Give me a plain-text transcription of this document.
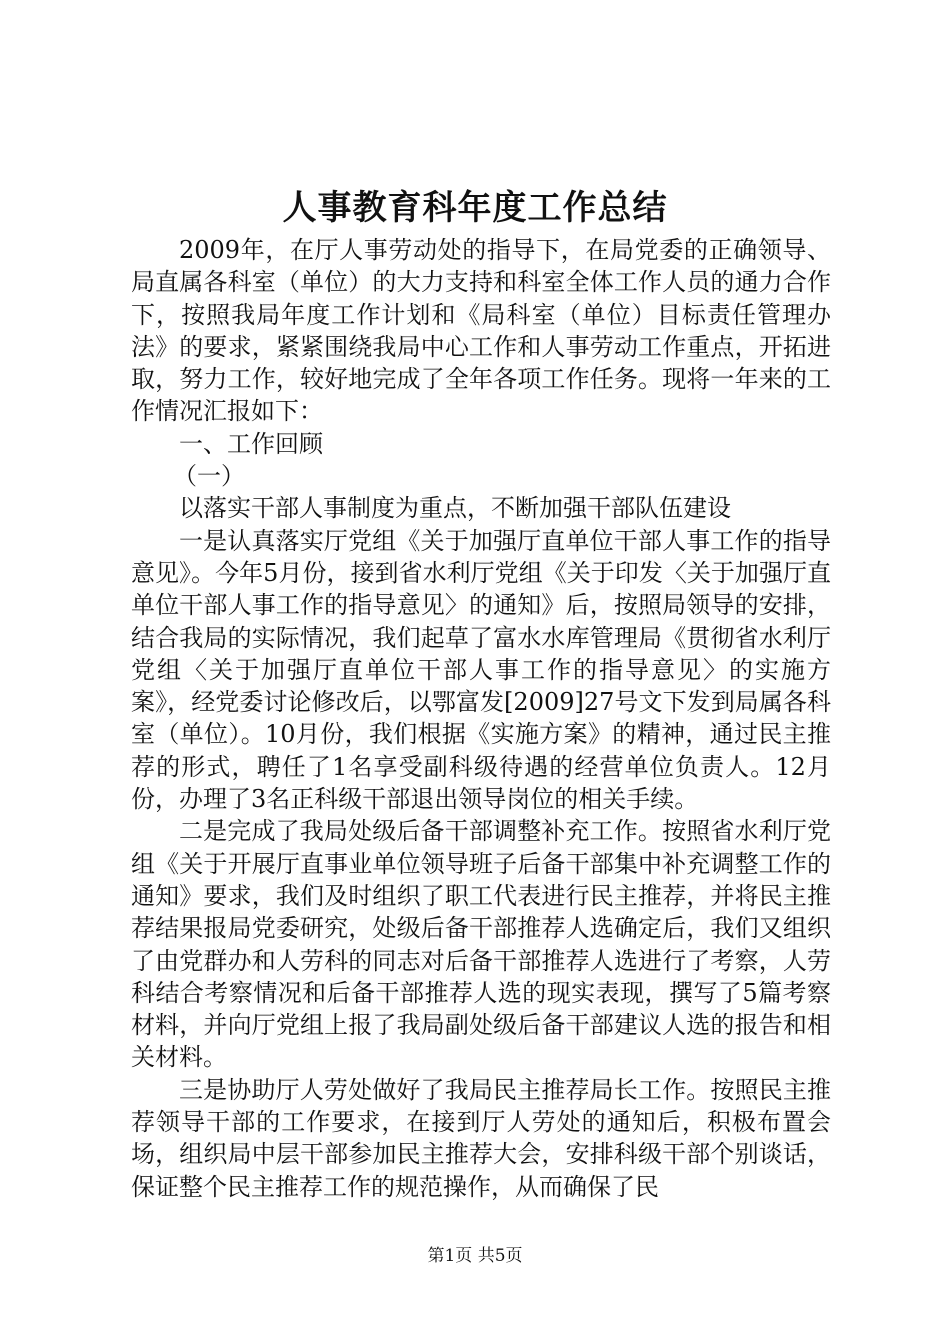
人事教育科年度工作总结

2009年，在厅人事劳动处的指导下，在局党委的正确领导、局直属各科室（单位）的大力支持和科室全体工作人员的通力合作下，按照我局年度工作计划和《局科室（单位）目标责任管理办法》的要求，紧紧围绕我局中心工作和人事劳动工作重点，开拓进取，努力工作，较好地完成了全年各项工作任务。现将一年来的工作情况汇报如下：

一、工作回顾

（一）

以落实干部人事制度为重点，不断加强干部队伍建设

一是认真落实厅党组《关于加强厅直单位干部人事工作的指导意见》。今年5月份，接到省水利厅党组《关于印发〈关于加强厅直单位干部人事工作的指导意见〉的通知》后，按照局领导的安排，结合我局的实际情况，我们起草了富水水库管理局《贯彻省水利厅党组〈关于加强厅直单位干部人事工作的指导意见〉的实施方案》，经党委讨论修改后，以鄂富发[2009]27号文下发到局属各科室（单位）。10月份，我们根据《实施方案》的精神，通过民主推荐的形式，聘任了1名享受副科级待遇的经营单位负责人。12月份，办理了3名正科级干部退出领导岗位的相关手续。

二是完成了我局处级后备干部调整补充工作。按照省水利厅党组《关于开展厅直事业单位领导班子后备干部集中补充调整工作的通知》要求，我们及时组织了职工代表进行民主推荐，并将民主推荐结果报局党委研究，处级后备干部推荐人选确定后，我们又组织了由党群办和人劳科的同志对后备干部推荐人选进行了考察，人劳科结合考察情况和后备干部推荐人选的现实表现，撰写了5篇考察材料，并向厅党组上报了我局副处级后备干部建议人选的报告和相关材料。

三是协助厅人劳处做好了我局民主推荐局长工作。按照民主推荐领导干部的工作要求，在接到厅人劳处的通知后，积极布置会场，组织局中层干部参加民主推荐大会，安排科级干部个别谈话，保证整个民主推荐工作的规范操作，从而确保了民

第1页 共5页
